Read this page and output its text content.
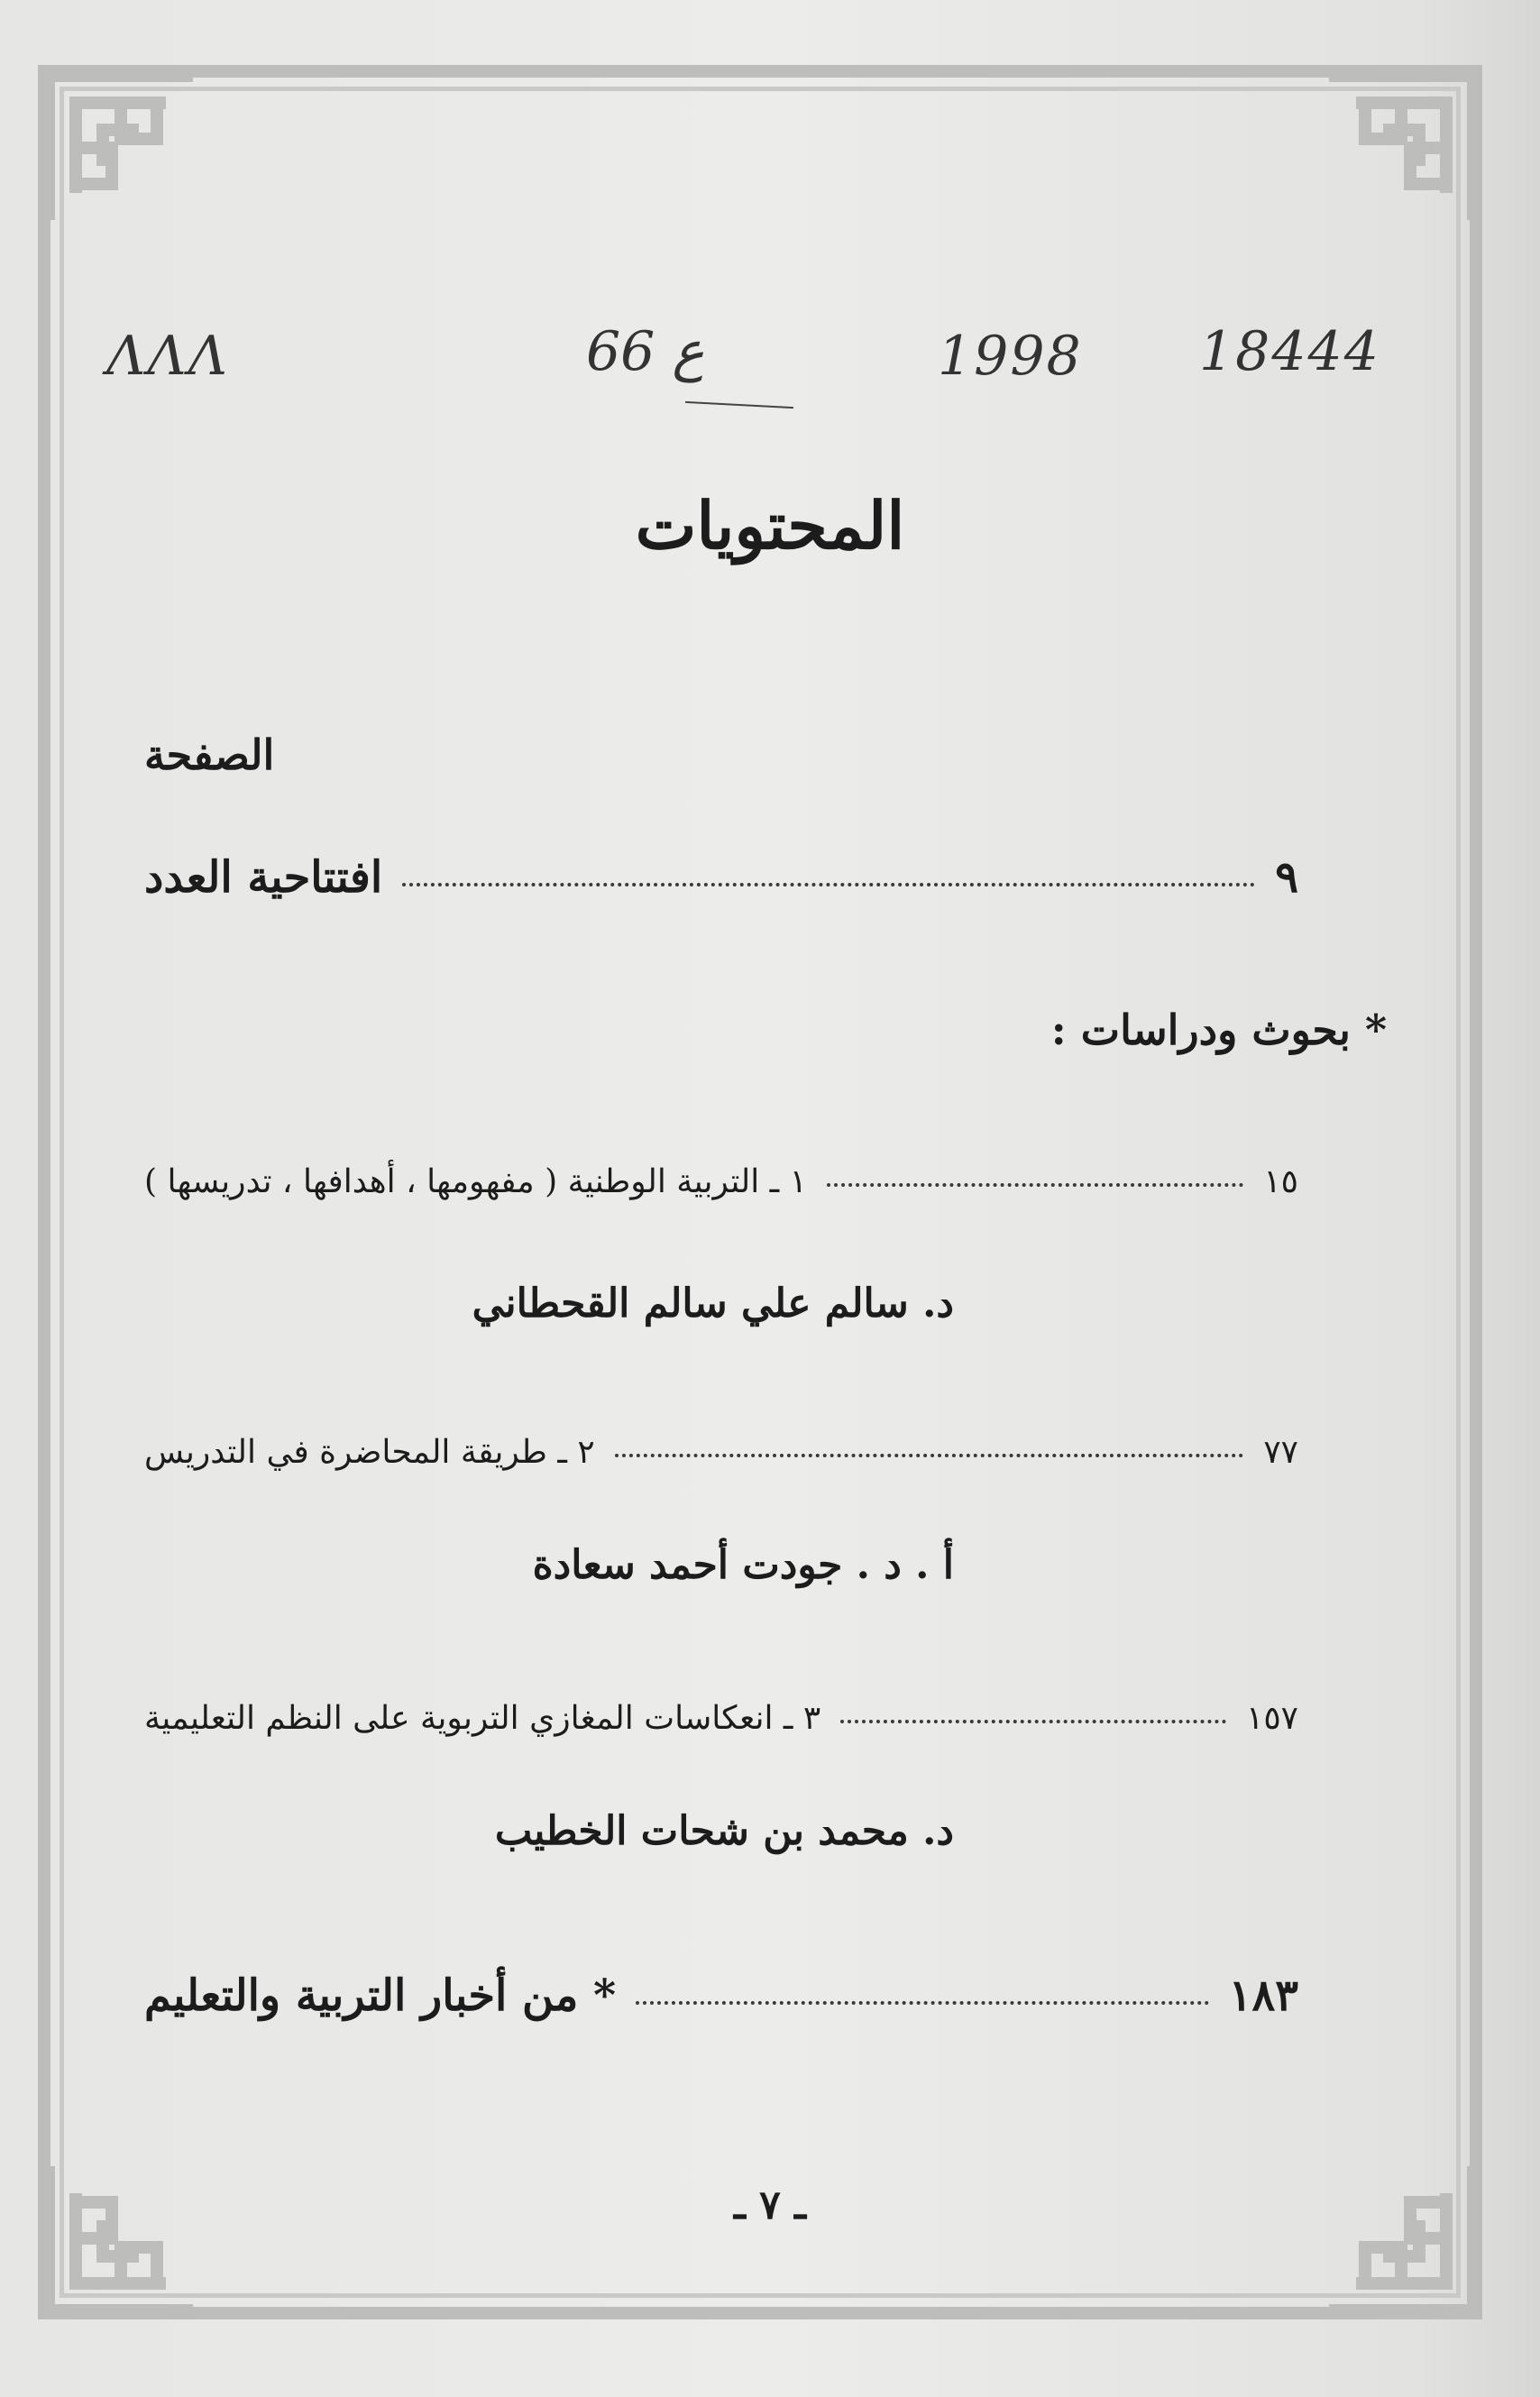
ΛΛΛ	66 ع	1998 18444
المحتويات
الصفحة
افتتاحية العدد	٩
* بحوث ودراسات :
١ ـ التربية الوطنية ( مفهومها ، أهدافها ، تدريسها )	١٥
د. سالم علي سالم القحطاني
٢ ـ طريقة المحاضرة في التدريس	٧٧
أ . د . جودت أحمد سعادة
٣ ـ انعكاسات المغازي التربوية على النظم التعليمية	١٥٧
د. محمد بن شحات الخطيب
* من أخبار التربية والتعليم	١٨٣
ـ ٧ ـ
